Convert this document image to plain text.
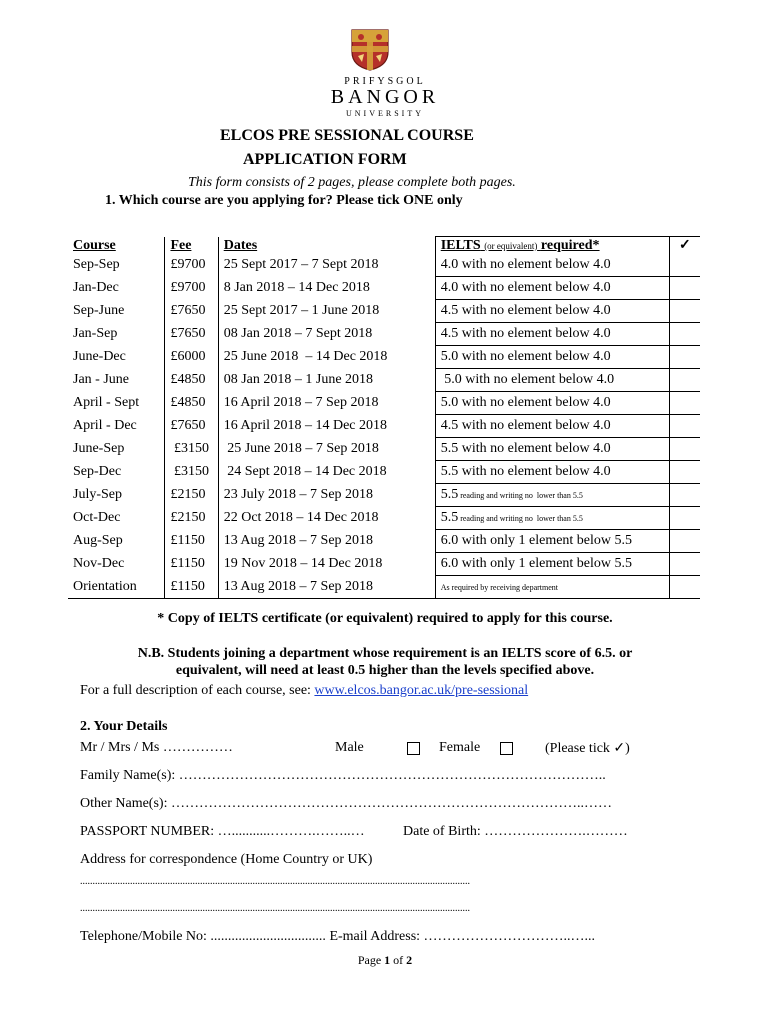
PRIFYSGOL
BANGOR
UNIVERSITY
ELCOS PRE SESSIONAL COURSE
APPLICATION FORM
This form consists of 2 pages, please complete both pages.
1. Which course are you applying for? Please tick ONE only
Course	Fee	Dates	IELTS (or equivalent) required*	✓
Sep-Sep	£9700	25 Sept 2017 – 7 Sept 2018	4.0 with no element below 4.0	
Jan-Dec	£9700	8 Jan 2018 – 14 Dec 2018	4.0 with no element below 4.0	
Sep-June	£7650	25 Sept 2017 – 1 June 2018	4.5 with no element below 4.0	
Jan-Sep	£7650	08 Jan 2018 – 7 Sept 2018	4.5 with no element below 4.0	
June-Dec	£6000	25 June 2018  – 14 Dec 2018	5.0 with no element below 4.0	
Jan - June	£4850	08 Jan 2018 – 1 June 2018	5.0 with no element below 4.0	
April - Sept	£4850	16 April 2018 – 7 Sep 2018	5.0 with no element below 4.0	
April - Dec	£7650	16 April 2018 – 14 Dec 2018	4.5 with no element below 4.0	
June-Sep	£3150	25 June 2018 – 7 Sep 2018	5.5 with no element below 4.0	
Sep-Dec	£3150	24 Sept 2018 – 14 Dec 2018	5.5 with no element below 4.0	
July-Sep	£2150	23 July 2018 – 7 Sep 2018	5.5 reading and writing no  lower than 5.5	
Oct-Dec	£2150	22 Oct 2018 – 14 Dec 2018	5.5 reading and writing no  lower than 5.5	
Aug-Sep	£1150	13 Aug 2018 – 7 Sep 2018	6.0 with only 1 element below 5.5	
Nov-Dec	£1150	19 Nov 2018 – 14 Dec 2018	6.0 with only 1 element below 5.5	
Orientation	£1150	13 Aug 2018 – 7 Sep 2018	As required by receiving department	
* Copy of IELTS certificate (or equivalent) required to apply for this course.
N.B. Students joining a department whose requirement is an IELTS score of 6.5. or
equivalent, will need at least 0.5 higher than the levels specified above.
For a full description of each course, see: www.elcos.bangor.ac.uk/pre-sessional
2. Your Details
Mr / Mrs / Ms ……………	Male	Female	(Please tick ✓)
Family Name(s): ………………………………………………………………………………..
Other Name(s): ……………………………………………………………………………..……
PASSPORT NUMBER: …...........……….……..…	Date of Birth: ………………….………
Address for correspondence (Home Country or UK)
............................................................................................................................................................
............................................................................................................................................................
Telephone/Mobile No: ................................. E-mail Address: …………………………..…...
Page 1 of 2
